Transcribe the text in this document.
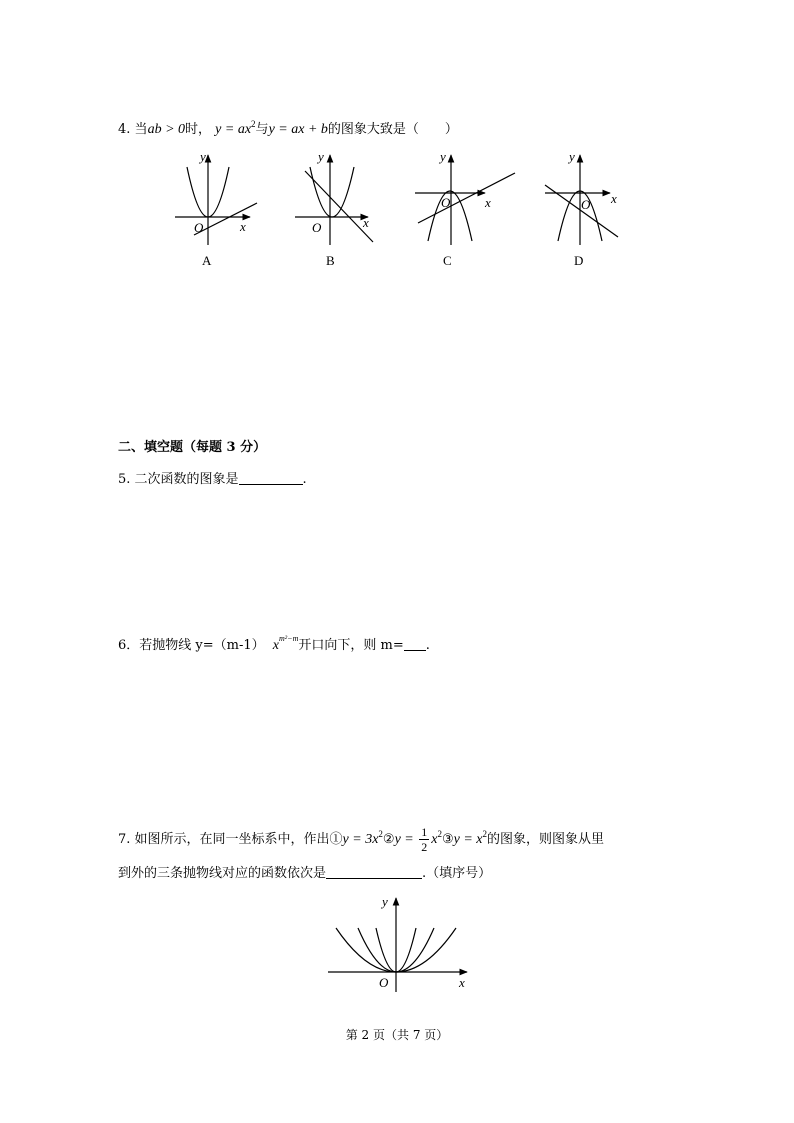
4. 当ab > 0时， $y = ax^2$与y = ax + b的图象大致是（　　）
y
x
O
A
y
x
O
B
y
x
O
C
y
x
O
D
二、填空题（每题 3 分）
5. 二次函数的图象是	.
6．若抛物线 y=（m-1） $x^{m^2-m}$开口向下，则 m= .
7. 如图所示，在同一坐标系中，作出①y = $3x^2②y = \frac{1}{2}$ $x^2③y = x^2$的图象，则图象从里
到外的三条抛物线对应的函数依次是	.（填序号）
y
x
O
第 2 页（共 7 页）
